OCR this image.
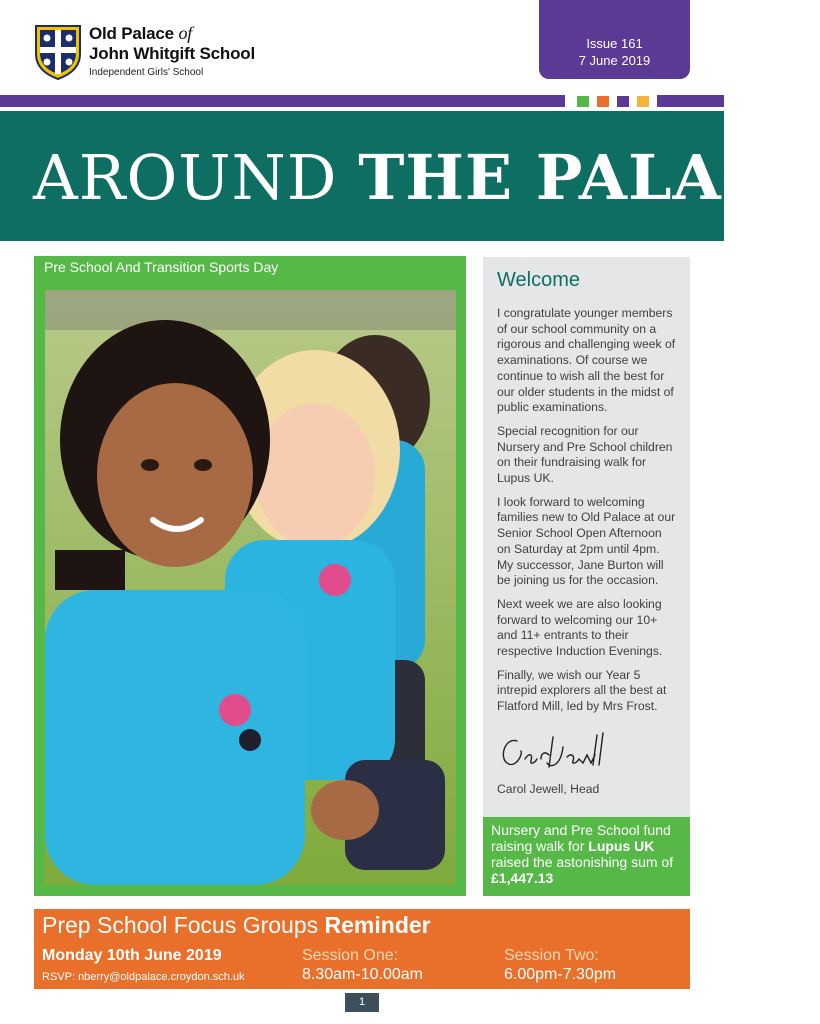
Old Palace of
John Whitgift School
Independent Girls' School
Issue 161
7 June 2019
AROUND THE PALACE
Pre School And Transition Sports Day
Welcome

I congratulate younger members of our school community on a rigorous and challenging week of examinations. Of course we continue to wish all the best for our older students in the midst of public examinations.

Special recognition for our Nursery and Pre School children on their fundraising walk for Lupus UK.

I look forward to welcoming families new to Old Palace at our Senior School Open Afternoon on Saturday at 2pm until 4pm. My successor, Jane Burton will be joining us for the occasion.

Next week we are also looking forward to welcoming our 10+ and 11+ entrants to their respective Induction Evenings.

Finally, we wish our Year 5 intrepid explorers all the best at Flatford Mill, led by Mrs Frost.

Carol Jewell, Head
Nursery and Pre School fund raising walk for Lupus UK raised the astonishing sum of £1,447.13
Prep School Focus Groups Reminder
Monday 10th June 2019
RSVP: nberry@oldpalace.croydon.sch.uk
Session One:
8.30am-10.00am
Session Two:
6.00pm-7.30pm
1
